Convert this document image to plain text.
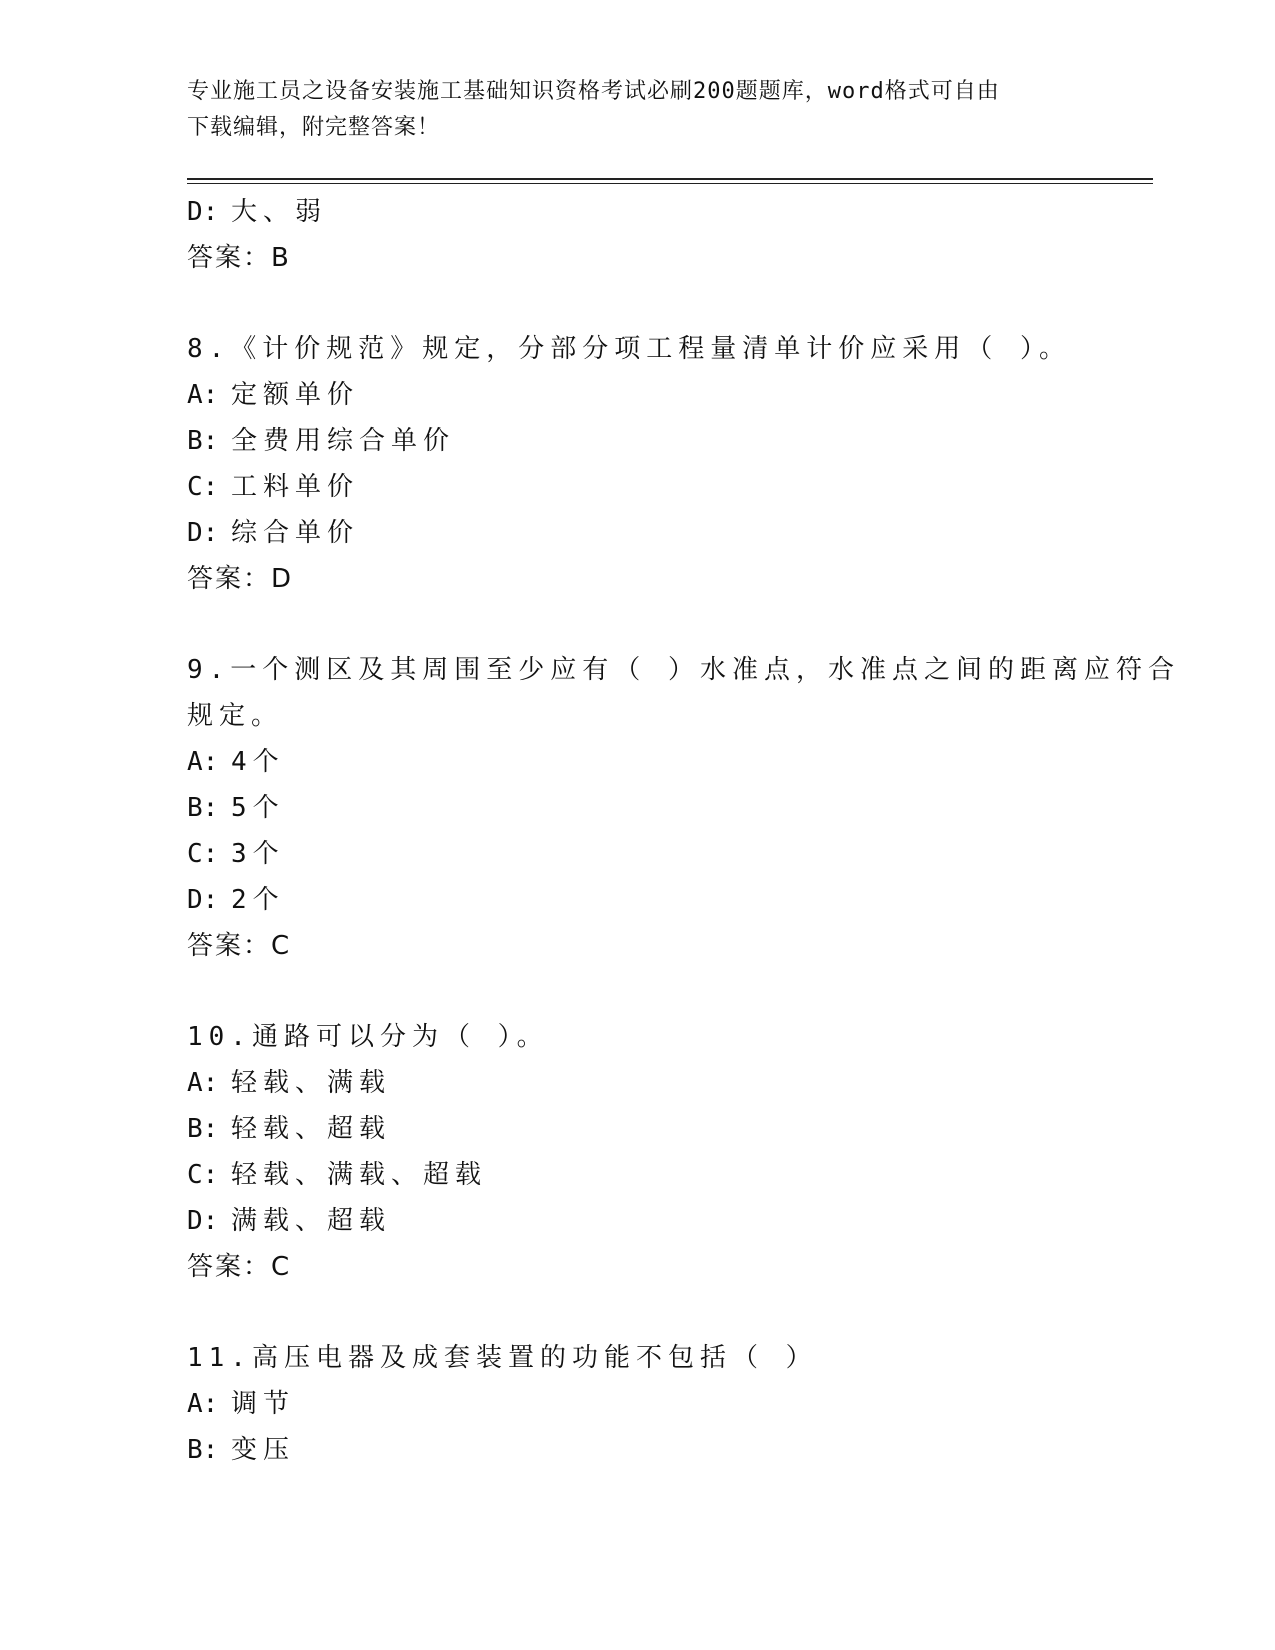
专业施工员之设备安装施工基础知识资格考试必刷200题题库，word格式可自由
下载编辑，附完整答案！
D: 大、弱
答案：B
8.《计价规范》规定，分部分项工程量清单计价应采用（ ）。
A: 定额单价
B: 全费用综合单价
C: 工料单价
D: 综合单价
答案：D
9.一个测区及其周围至少应有（ ）水准点，水准点之间的距离应符合
规定。
A: 4个
B: 5个
C: 3个
D: 2个
答案：C
10.通路可以分为（ ）。
A: 轻载、满载
B: 轻载、超载
C: 轻载、满载、超载
D: 满载、超载
答案：C
11.高压电器及成套装置的功能不包括（ ）
A: 调节
B: 变压
